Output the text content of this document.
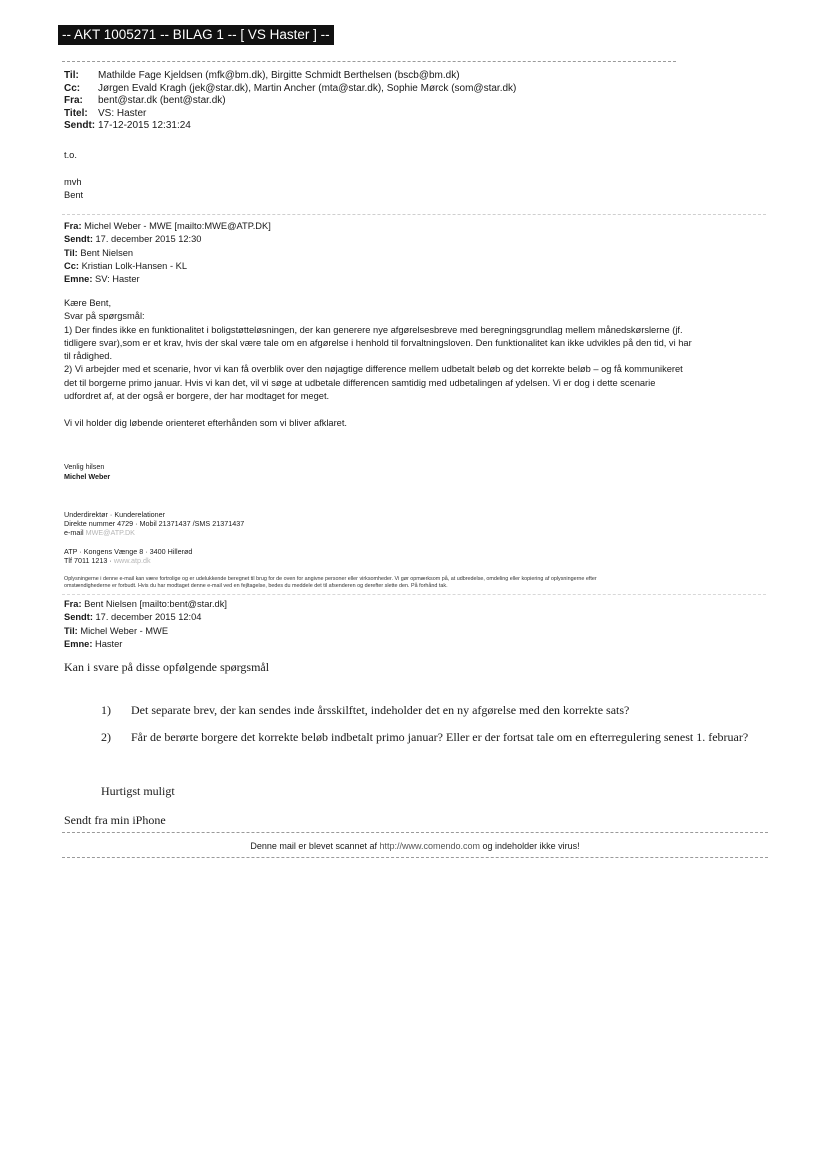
-- AKT 1005271 -- BILAG 1 -- [ VS Haster ] --
Til: Mathilde Fage Kjeldsen (mfk@bm.dk), Birgitte Schmidt Berthelsen (bscb@bm.dk)
Cc: Jørgen Evald Kragh (jek@star.dk), Martin Ancher (mta@star.dk), Sophie Mørck (som@star.dk)
Fra: bent@star.dk (bent@star.dk)
Titel: VS: Haster
Sendt: 17-12-2015 12:31:24
t.o.
mvh
Bent
Fra: Michel Weber - MWE [mailto:MWE@ATP.DK]
Sendt: 17. december 2015 12:30
Til: Bent Nielsen
Cc: Kristian Lolk-Hansen - KL
Emne: SV: Haster
Kære Bent,
Svar på spørgsmål:
1) Der findes ikke en funktionalitet i boligstøtteløsningen, der kan generere nye afgørelsesbreve med beregningsgrundlag mellem månedskørslerne (jf.
tidligere svar),som er et krav, hvis der skal være tale om en afgørelse i henhold til forvaltningsloven. Den funktionalitet kan ikke udvikles på den tid, vi har
til rådighed.
2) Vi arbejder med et scenarie, hvor vi kan få overblik over den nøjagtige difference mellem udbetalt beløb og det korrekte beløb – og få kommunikeret
det til borgerne primo januar. Hvis vi kan det, vil vi søge at udbetale differencen samtidig med udbetalingen af ydelsen. Vi er dog i dette scenarie
udfordret af, at der også er borgere, der har modtaget for meget.
Vi vil holder dig løbende orienteret efterhånden som vi bliver afklaret.
Venlig hilsen
Michel Weber
Underdirektør · Kunderelationer
Direkte nummer 4729 · Mobil 21371437 /SMS 21371437
e-mail MWE@ATP.DK
ATP · Kongens Vænge 8 · 3400 Hillerød
Tlf 7011 1213 · www.atp.dk
Oplysningerne i denne e-mail kan være fortrolige og er udelukkende beregnet til brug for de oven for angivne personer eller virksomheder. Vi gør opmærksom på, at udbredelse, omdeling eller kopiering af oplysningerne efter
omstændighederne er forbudt. Hvis du har modtaget denne e-mail ved en fejltagelse, bedes du meddele det til afsenderen og derefter slette den. På forhånd tak.
Fra: Bent Nielsen [mailto:bent@star.dk]
Sendt: 17. december 2015 12:04
Til: Michel Weber - MWE
Emne: Haster
Kan i svare på disse opfølgende spørgsmål
1) Det separate brev, der kan sendes inde årsskilftet, indeholder det en ny afgørelse med den korrekte sats?
2) Får de berørte borgere det korrekte beløb indbetalt primo januar? Eller er der fortsat tale om en efterregulering senest 1. februar?
Hurtigst muligt
Sendt fra min iPhone
Denne mail er blevet scannet af http://www.comendo.com og indeholder ikke virus!
